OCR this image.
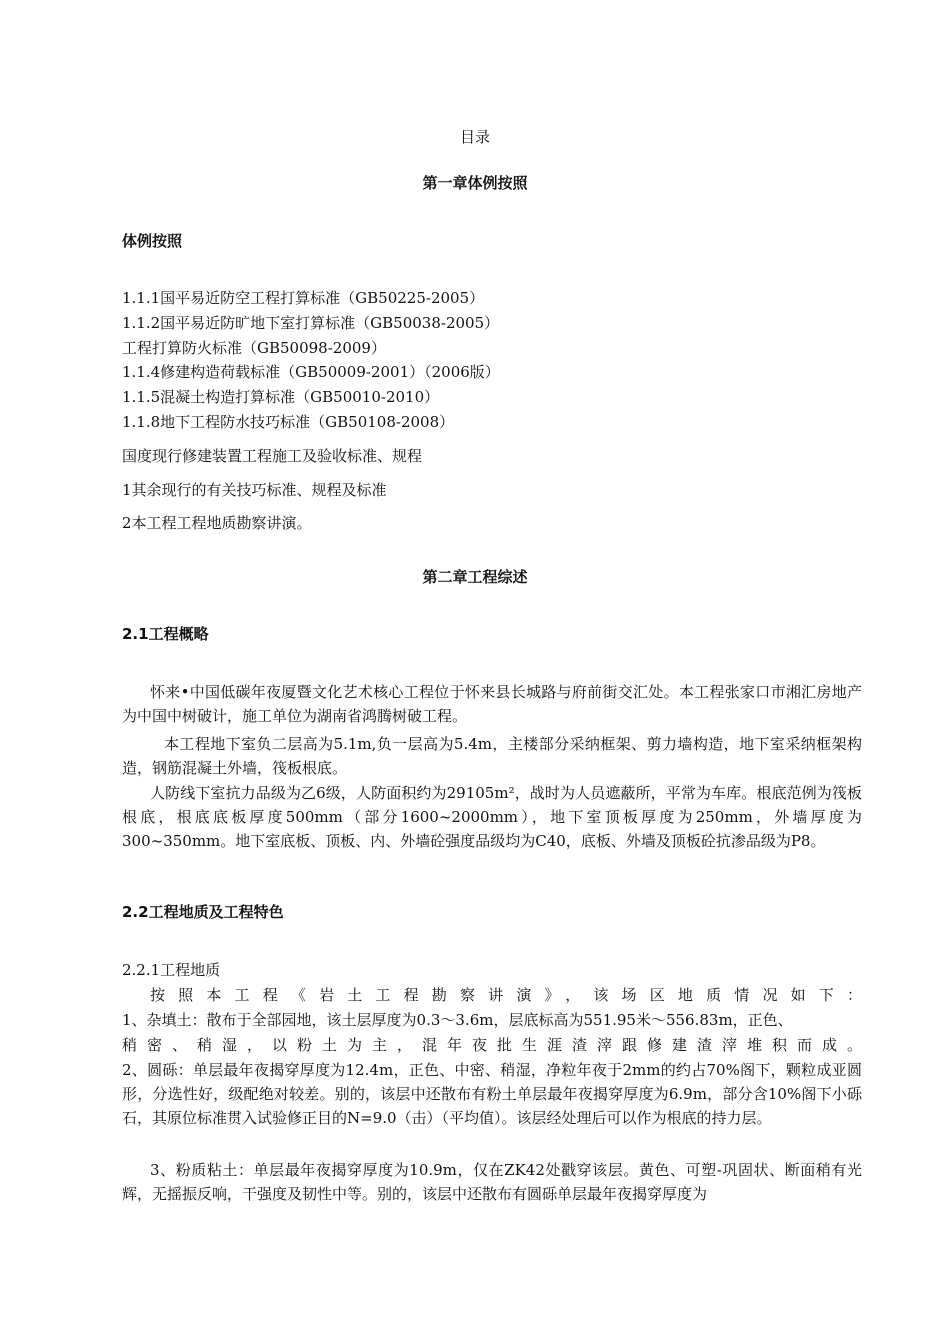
目录
第一章体例按照
体例按照
1.1.1国平易近防空工程打算标准（GB50225-2005）
1.1.2国平易近防旷地下室打算标准（GB50038-2005）
工程打算防火标准（GB50098-2009）
1.1.4修建构造荷载标准（GB50009-2001）（2006版）
1.1.5混凝土构造打算标准（GB50010-2010）
1.1.8地下工程防水技巧标准（GB50108-2008）
国度现行修建装置工程施工及验收标准、规程
1其余现行的有关技巧标准、规程及标准
2本工程工程地质勘察讲演。
第二章工程综述
2.1工程概略
怀来•中国低碳年夜厦暨文化艺术核心工程位于怀来县长城路与府前街交汇处。本工程张家口市湘汇房地产为中国中树破计，施工单位为湖南省鸿腾树破工程。
本工程地下室负二层高为5.1m,负一层高为5.4m，主楼部分采纳框架、剪力墙构造，地下室采纳框架构造，钢筋混凝土外墙，筏板根底。
人防线下室抗力品级为乙6级，人防面积约为29105m²，战时为人员遮蔽所，平常为车库。根底范例为筏板根底，根底底板厚度500mm（部分1600~2000mm），地下室顶板厚度为250mm，外墙厚度为300~350mm。地下室底板、顶板、内、外墙砼强度品级均为C40，底板、外墙及顶板砼抗渗品级为P8。
2.2工程地质及工程特色
2.2.1工程地质
按照本工程《岩土工程勘察讲演》，该场区地质情况如下：
1、杂填土：散布于全部园地，该土层厚度为0.3～3.6m，层底标高为551.95米～556.83m，正色、
稍密、稍湿，以粉土为主，混年夜批生涯渣滓跟修建渣滓堆积而成。
2、圆砾：单层最年夜揭穿厚度为12.4m，正色、中密、稍湿，净粒年夜于2mm的约占70%阁下，颗粒成亚圆形，分选性好，级配绝对较差。别的，该层中还散布有粉土单层最年夜揭穿厚度为6.9m，部分含10%阁下小砾石，其原位标准贯入试验修正目的N=9.0（击）（平均值）。该层经处理后可以作为根底的持力层。
3、粉质粘土：单层最年夜揭穿厚度为10.9m，仅在ZK42处戳穿该层。黄色、可塑-巩固状、断面稍有光辉，无摇振反响，干强度及韧性中等。别的，该层中还散布有圆砾单层最年夜揭穿厚度为
